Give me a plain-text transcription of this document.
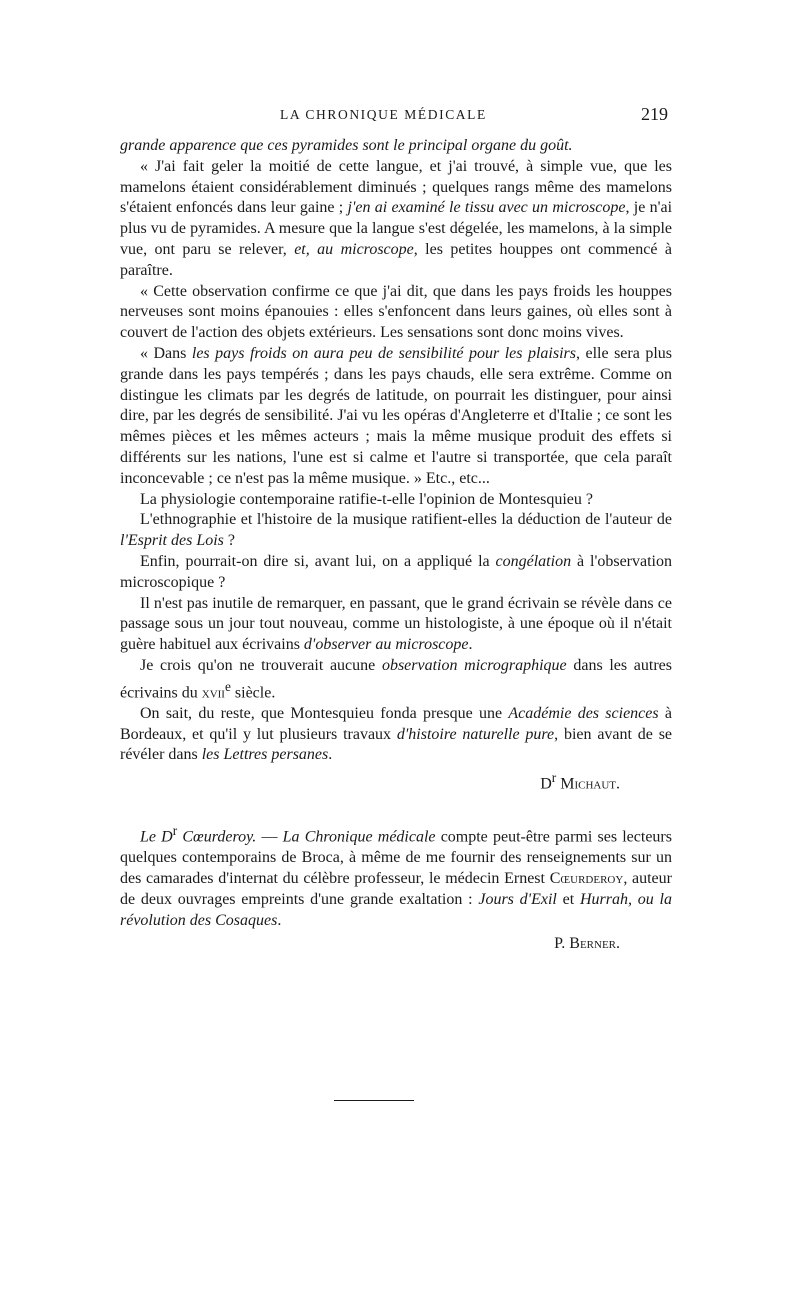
LA CHRONIQUE MÉDICALE	219

grande apparence que ces pyramides sont le principal organe du goût.

« J'ai fait geler la moitié de cette langue, et j'ai trouvé, à simple vue, que les mamelons étaient considérablement diminués ; quelques rangs même des mamelons s'étaient enfoncés dans leur gaine ; j'en ai examiné le tissu avec un microscope, je n'ai plus vu de pyramides. A mesure que la langue s'est dégelée, les mamelons, à la simple vue, ont paru se relever, et, au microscope, les petites houppes ont commencé à paraître.

« Cette observation confirme ce que j'ai dit, que dans les pays froids les houppes nerveuses sont moins épanouies : elles s'enfoncent dans leurs gaines, où elles sont à couvert de l'action des objets extérieurs. Les sensations sont donc moins vives.

« Dans les pays froids on aura peu de sensibilité pour les plaisirs, elle sera plus grande dans les pays tempérés ; dans les pays chauds, elle sera extrême. Comme on distingue les climats par les degrés de latitude, on pourrait les distinguer, pour ainsi dire, par les degrés de sensibilité. J'ai vu les opéras d'Angleterre et d'Italie ; ce sont les mêmes pièces et les mêmes acteurs ; mais la même musique produit des effets si différents sur les nations, l'une est si calme et l'autre si transportée, que cela paraît inconcevable ; ce n'est pas la même musique. » Etc., etc...

La physiologie contemporaine ratifie-t-elle l'opinion de Montesquieu ?

L'ethnographie et l'histoire de la musique ratifient-elles la déduction de l'auteur de l'Esprit des Lois ?

Enfin, pourrait-on dire si, avant lui, on a appliqué la congélation à l'observation microscopique ?

Il n'est pas inutile de remarquer, en passant, que le grand écrivain se révèle dans ce passage sous un jour tout nouveau, comme un histologiste, à une époque où il n'était guère habituel aux écrivains d'observer au microscope.

Je crois qu'on ne trouverait aucune observation micrographique dans les autres écrivains du xvii$^e$ siècle.

On sait, du reste, que Montesquieu fonda presque une Académie des sciences à Bordeaux, et qu'il y lut plusieurs travaux d'histoire naturelle pure, bien avant de se révéler dans les Lettres persanes.

$D^r$ Michaut.

Le $D^r$ Cœurderoy. — La Chronique médicale compte peut-être parmi ses lecteurs quelques contemporains de Broca, à même de me fournir des renseignements sur un des camarades d'internat du célèbre professeur, le médecin Ernest Cœurderoy, auteur de deux ouvrages empreints d'une grande exaltation : Jours d'Exil et Hurrah, ou la révolution des Cosaques.

P. Berner.
